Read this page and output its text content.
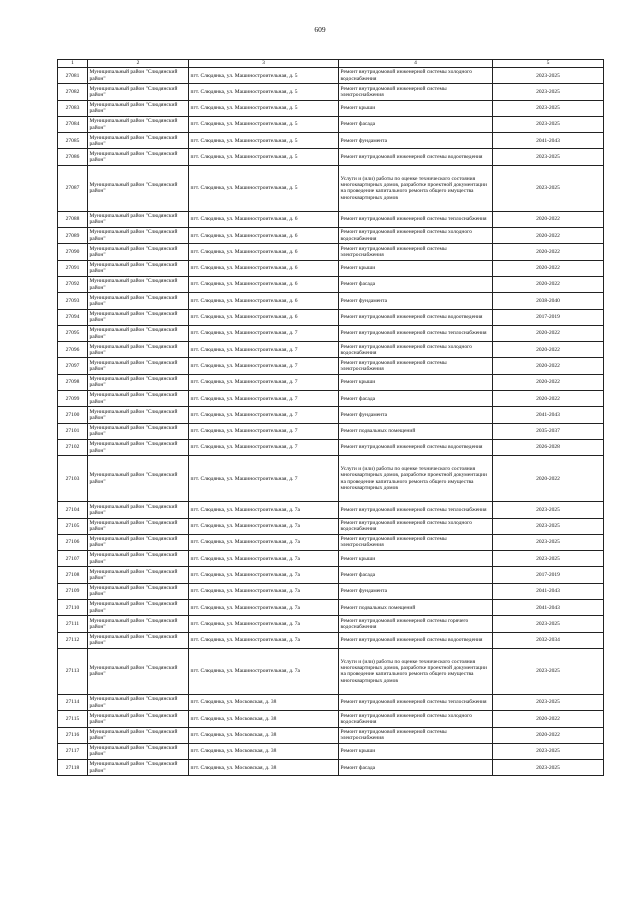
609
1	2	3	4	5
27081	Муниципальный район "Слюдянский район"	пгт. Слюдянка, ул. Машиностроительная, д. 5	Ремонт внутридомовой инженерной системы холодного водоснабжения	2023-2025
27082	Муниципальный район "Слюдянский район"	пгт. Слюдянка, ул. Машиностроительная, д. 5	Ремонт внутридомовой инженерной системы электроснабжения	2023-2025
27083	Муниципальный район "Слюдянский район"	пгт. Слюдянка, ул. Машиностроительная, д. 5	Ремонт крыши	2023-2025
27084	Муниципальный район "Слюдянский район"	пгт. Слюдянка, ул. Машиностроительная, д. 5	Ремонт фасада	2023-2025
27085	Муниципальный район "Слюдянский район"	пгт. Слюдянка, ул. Машиностроительная, д. 5	Ремонт фундамента	2041-2043
27086	Муниципальный район "Слюдянский район"	пгт. Слюдянка, ул. Машиностроительная, д. 5	Ремонт внутридомовой инженерной системы водоотведения	2023-2025
27087	Муниципальный район "Слюдянский район"	пгт. Слюдянка, ул. Машиностроительная, д. 5	Услуги и (или) работы по оценке технического состояния многоквартирных домов, разработке проектной документации на проведение капитального ремонта общего имущества многоквартирных домов	2023-2025
27088	Муниципальный район "Слюдянский район"	пгт. Слюдянка, ул. Машиностроительная, д. 6	Ремонт внутридомовой инженерной системы теплоснабжения	2020-2022
27089	Муниципальный район "Слюдянский район"	пгт. Слюдянка, ул. Машиностроительная, д. 6	Ремонт внутридомовой инженерной системы холодного водоснабжения	2020-2022
27090	Муниципальный район "Слюдянский район"	пгт. Слюдянка, ул. Машиностроительная, д. 6	Ремонт внутридомовой инженерной системы электроснабжения	2020-2022
27091	Муниципальный район "Слюдянский район"	пгт. Слюдянка, ул. Машиностроительная, д. 6	Ремонт крыши	2020-2022
27092	Муниципальный район "Слюдянский район"	пгт. Слюдянка, ул. Машиностроительная, д. 6	Ремонт фасада	2020-2022
27093	Муниципальный район "Слюдянский район"	пгт. Слюдянка, ул. Машиностроительная, д. 6	Ремонт фундамента	2038-2040
27094	Муниципальный район "Слюдянский район"	пгт. Слюдянка, ул. Машиностроительная, д. 6	Ремонт внутридомовой инженерной системы водоотведения	2017-2019
27095	Муниципальный район "Слюдянский район"	пгт. Слюдянка, ул. Машиностроительная, д. 7	Ремонт внутридомовой инженерной системы теплоснабжения	2020-2022
27096	Муниципальный район "Слюдянский район"	пгт. Слюдянка, ул. Машиностроительная, д. 7	Ремонт внутридомовой инженерной системы холодного водоснабжения	2020-2022
27097	Муниципальный район "Слюдянский район"	пгт. Слюдянка, ул. Машиностроительная, д. 7	Ремонт внутридомовой инженерной системы электроснабжения	2020-2022
27098	Муниципальный район "Слюдянский район"	пгт. Слюдянка, ул. Машиностроительная, д. 7	Ремонт крыши	2020-2022
27099	Муниципальный район "Слюдянский район"	пгт. Слюдянка, ул. Машиностроительная, д. 7	Ремонт фасада	2020-2022
27100	Муниципальный район "Слюдянский район"	пгт. Слюдянка, ул. Машиностроительная, д. 7	Ремонт фундамента	2041-2043
27101	Муниципальный район "Слюдянский район"	пгт. Слюдянка, ул. Машиностроительная, д. 7	Ремонт подвальных помещений	2035-2037
27102	Муниципальный район "Слюдянский район"	пгт. Слюдянка, ул. Машиностроительная, д. 7	Ремонт внутридомовой инженерной системы водоотведения	2026-2028
27103	Муниципальный район "Слюдянский район"	пгт. Слюдянка, ул. Машиностроительная, д. 7	Услуги и (или) работы по оценке технического состояния многоквартирных домов, разработке проектной документации на проведение капитального ремонта общего имущества многоквартирных домов	2020-2022
27104	Муниципальный район "Слюдянский район"	пгт. Слюдянка, ул. Машиностроительная, д. 7а	Ремонт внутридомовой инженерной системы теплоснабжения	2023-2025
27105	Муниципальный район "Слюдянский район"	пгт. Слюдянка, ул. Машиностроительная, д. 7а	Ремонт внутридомовой инженерной системы холодного водоснабжения	2023-2025
27106	Муниципальный район "Слюдянский район"	пгт. Слюдянка, ул. Машиностроительная, д. 7а	Ремонт внутридомовой инженерной системы электроснабжения	2023-2025
27107	Муниципальный район "Слюдянский район"	пгт. Слюдянка, ул. Машиностроительная, д. 7а	Ремонт крыши	2023-2025
27108	Муниципальный район "Слюдянский район"	пгт. Слюдянка, ул. Машиностроительная, д. 7а	Ремонт фасада	2017-2019
27109	Муниципальный район "Слюдянский район"	пгт. Слюдянка, ул. Машиностроительная, д. 7а	Ремонт фундамента	2041-2043
27110	Муниципальный район "Слюдянский район"	пгт. Слюдянка, ул. Машиностроительная, д. 7а	Ремонт подвальных помещений	2041-2043
27111	Муниципальный район "Слюдянский район"	пгт. Слюдянка, ул. Машиностроительная, д. 7а	Ремонт внутридомовой инженерной системы горячего водоснабжения	2023-2025
27112	Муниципальный район "Слюдянский район"	пгт. Слюдянка, ул. Машиностроительная, д. 7а	Ремонт внутридомовой инженерной системы водоотведения	2032-2034
27113	Муниципальный район "Слюдянский район"	пгт. Слюдянка, ул. Машиностроительная, д. 7а	Услуги и (или) работы по оценке технического состояния многоквартирных домов, разработке проектной документации на проведение капитального ремонта общего имущества многоквартирных домов	2023-2025
27114	Муниципальный район "Слюдянский район"	пгт. Слюдянка, ул. Московская, д. 38	Ремонт внутридомовой инженерной системы теплоснабжения	2023-2025
27115	Муниципальный район "Слюдянский район"	пгт. Слюдянка, ул. Московская, д. 38	Ремонт внутридомовой инженерной системы холодного водоснабжения	2020-2022
27116	Муниципальный район "Слюдянский район"	пгт. Слюдянка, ул. Московская, д. 38	Ремонт внутридомовой инженерной системы электроснабжения	2020-2022
27117	Муниципальный район "Слюдянский район"	пгт. Слюдянка, ул. Московская, д. 38	Ремонт крыши	2023-2025
27118	Муниципальный район "Слюдянский район"	пгт. Слюдянка, ул. Московская, д. 38	Ремонт фасада	2023-2025
